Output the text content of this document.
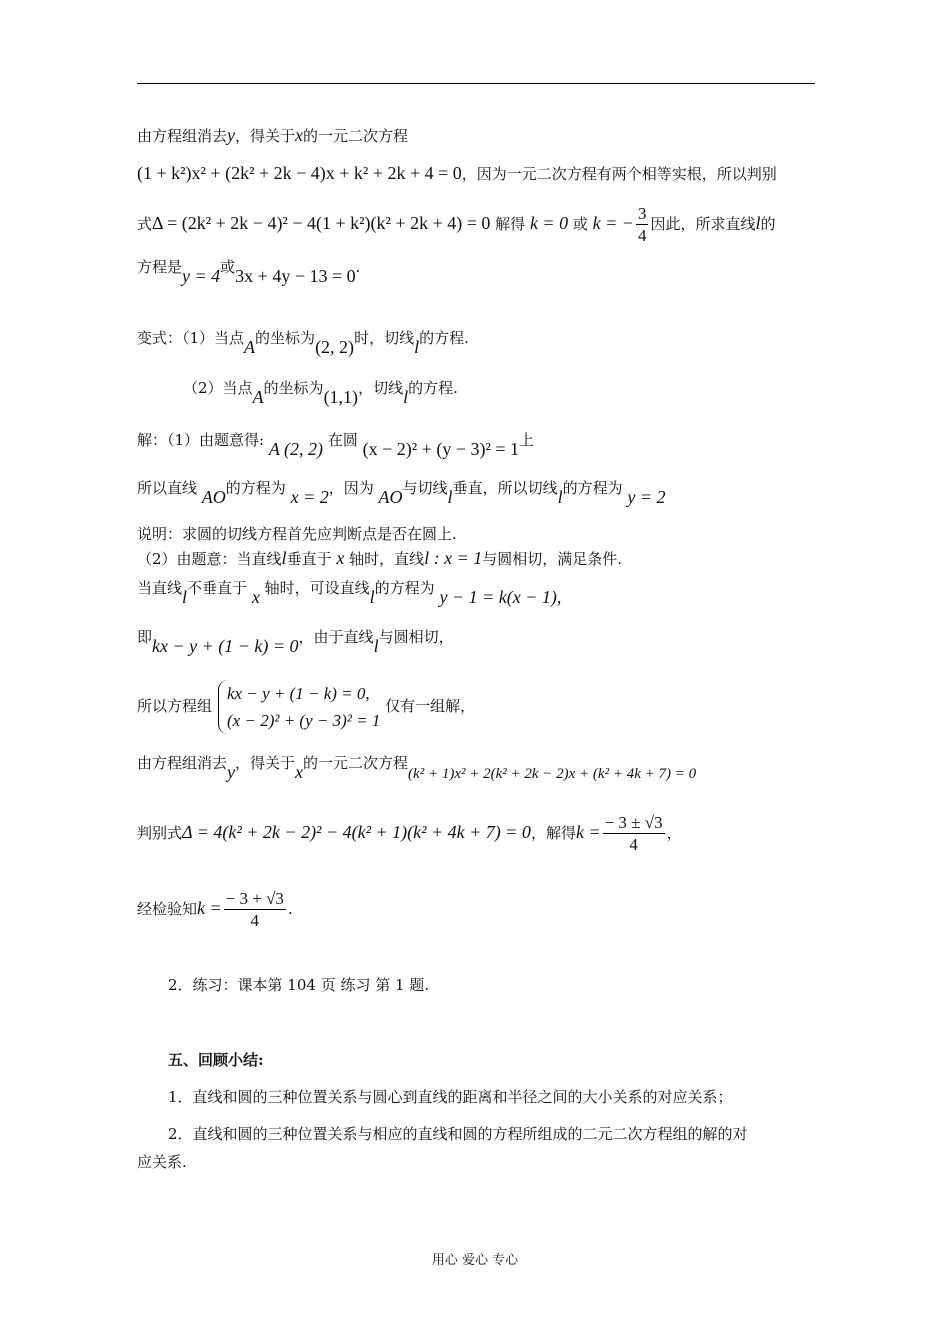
由方程组消去y，得关于x的一元二次方程
(1 + k²)x² + (2k² + 2k − 4)x + k² + 2k + 4 = 0，因为一元二次方程有两个相等实根，所以判别
式Δ = (2k² + 2k − 4)² − 4(1 + k²)(k² + 2k + 4) = 0 解得 k = 0 或 k = − $\frac{3}{4}$ 因此，所求直线l的
方程是y = 4或3x + 4y − 13 = 0.
变式：（1）当点A的坐标为(2, 2)时，切线l的方程.
（2）当点A的坐标为(1,1)，切线l的方程.
解：（1）由题意得: A (2, 2) 在圆 (x − 2)² + (y − 3)² = 1上
所以直线 AO的方程为 x = 2，因为 AO与切线l垂直，所以切线l的方程为 y = 2
说明：求圆的切线方程首先应判断点是否在圆上.
（2）由题意：当直线l垂直于 x 轴时，直线l : x = 1与圆相切，满足条件.
当直线l不垂直于 x 轴时，可设直线l的方程为 y − 1 = k(x − 1),
即kx − y + (1 − k) = 0，由于直线l与圆相切，
所以方程组
kx − y + (1 − k) = 0,
(x − 2)² + (y − 3)² = 1
仅有一组解，
由方程组消去y，得关于x的一元二次方程(k² + 1)x² + 2(k² + 2k − 2)x + (k² + 4k + 7) = 0
判别式Δ = 4(k² + 2k − 2)² − 4(k² + 1)(k² + 4k + 7) = 0，解得$k = \frac{- 3 \pm √3}{4}$ ，
经检验知$k = \frac{- 3 + √3}{4}$ .
2．练习：课本第 104 页 练习 第 1 题.
五、回顾小结:
1．直线和圆的三种位置关系与圆心到直线的距离和半径之间的大小关系的对应关系；
2．直线和圆的三种位置关系与相应的直线和圆的方程所组成的二元二次方程组的解的对
应关系.
用心 爱心 专心
